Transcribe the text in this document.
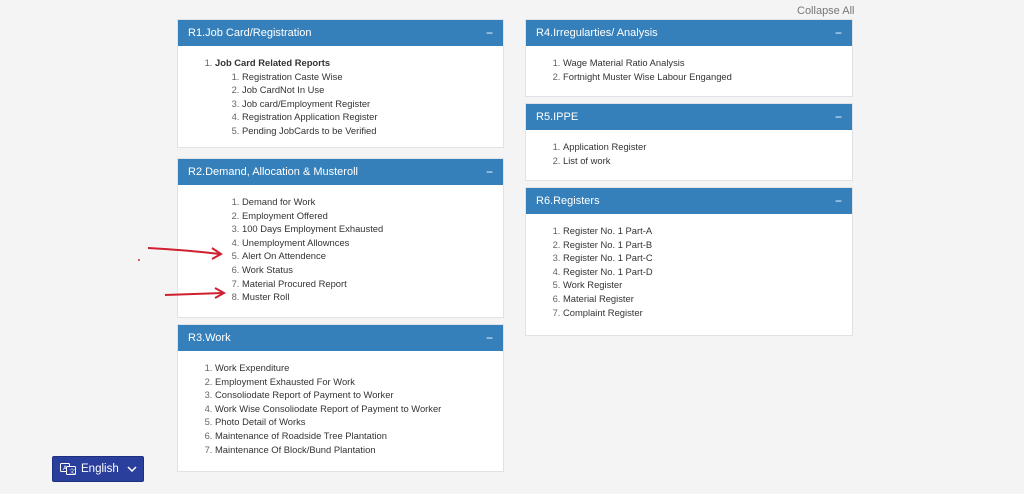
Collapse All
R1.Job Card/Registration	−
1. Job Card Related Reports
1. Registration Caste Wise
2. Job CardNot In Use
3. Job card/Employment Register
4. Registration Application Register
5. Pending JobCards to be Verified
R2.Demand, Allocation & Musteroll	−
1. Demand for Work
2. Employment Offered
3. 100 Days Employment Exhausted
4. Unemployment Allownces
5. Alert On Attendence
6. Work Status
7. Material Procured Report
8. Muster Roll
R3.Work	−
1. Work Expenditure
2. Employment Exhausted For Work
3. Consoliodate Report of Payment to Worker
4. Work Wise Consoliodate Report of Payment to Worker
5. Photo Detail of Works
6. Maintenance of Roadside Tree Plantation
7. Maintenance Of Block/Bund Plantation
R4.Irregularties/ Analysis	−
1. Wage Material Ratio Analysis
2. Fortnight Muster Wise Labour Enganged
R5.IPPE	−
1. Application Register
2. List of work
R6.Registers	−
1. Register No. 1 Part-A
2. Register No. 1 Part-B
3. Register No. 1 Part-C
4. Register No. 1 Part-D
5. Work Register
6. Material Register
7. Complaint Register
A 文 English
